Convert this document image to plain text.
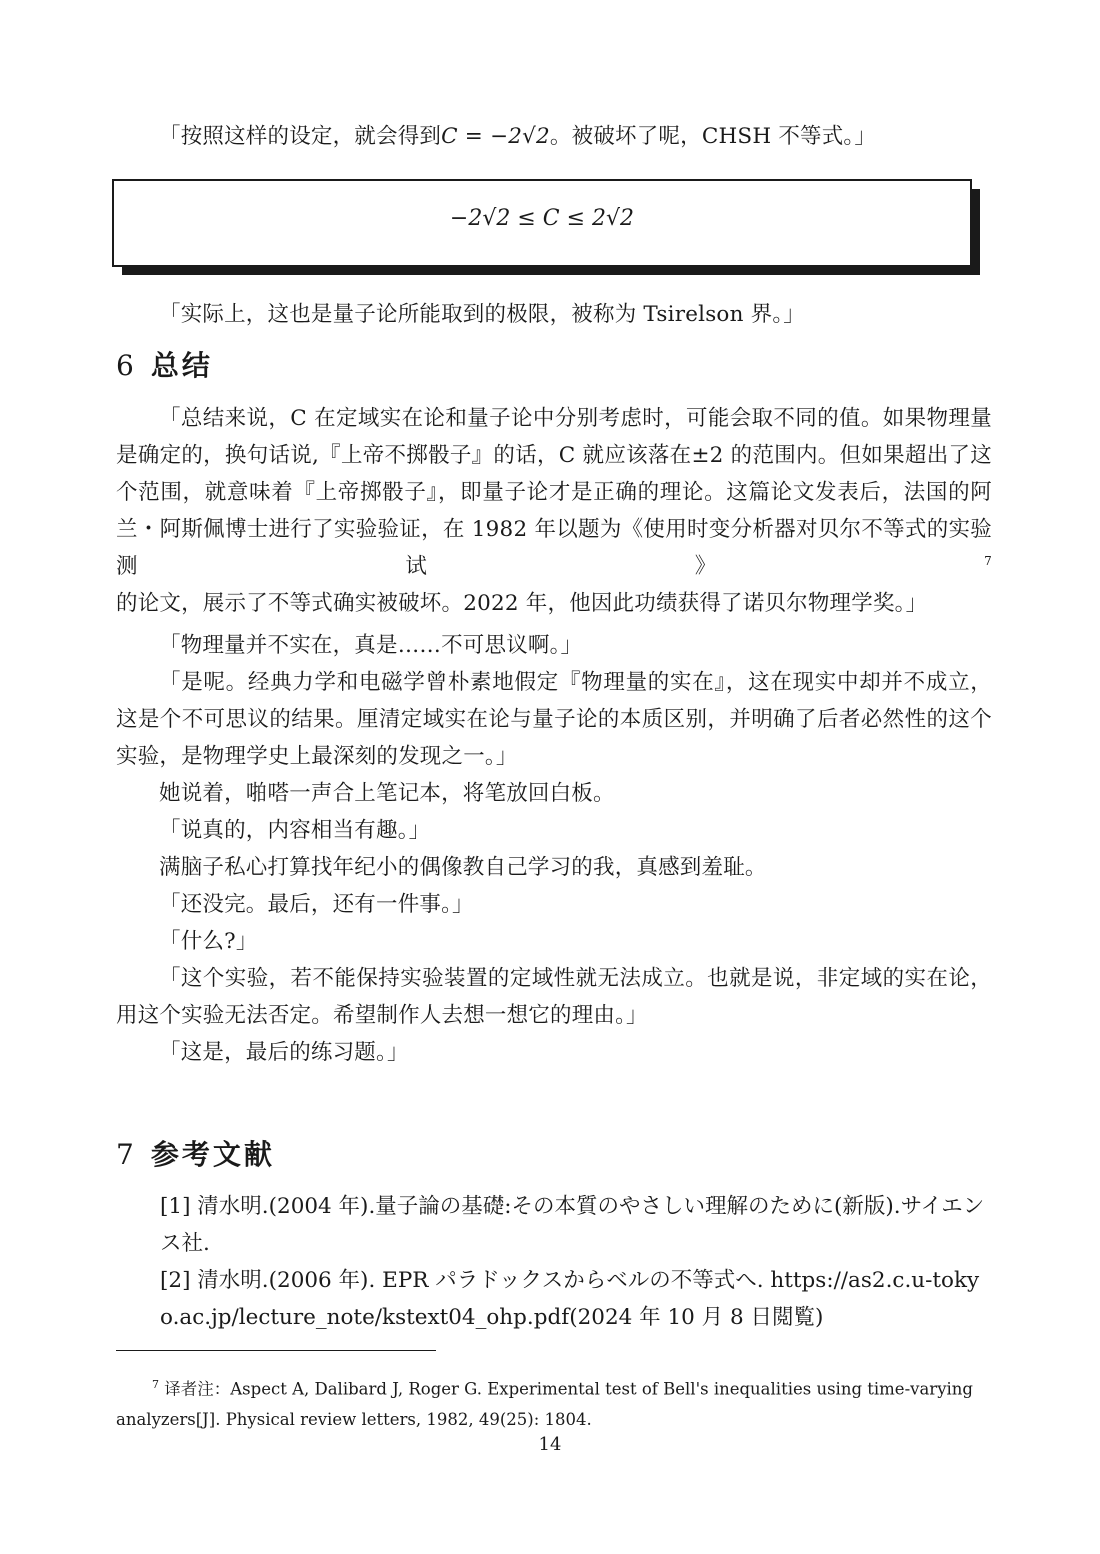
「按照这样的设定，就会得到C = −2√2。被破坏了呢，CHSH 不等式。」

−2√2 ≤ C ≤ 2√2

「实际上，这也是量子论所能取到的极限，被称为 Tsirelson 界。」

6 总结

「总结来说，C 在定域实在论和量子论中分别考虑时，可能会取不同的值。如果物理量是确定的，换句话说,『上帝不掷骰子』的话，C 就应该落在±2 的范围内。但如果超出了这个范围，就意味着『上帝掷骰子』，即量子论才是正确的理论。这篇论文发表后，法国的阿兰・阿斯佩博士进行了实验验证，在 1982 年以题为《使用时变分析器对贝尔不等式的实验测试》$^7$的论文，展示了不等式确实被破坏。2022 年，他因此功绩获得了诺贝尔物理学奖。」

「物理量并不实在，真是……不可思议啊。」

「是呢。经典力学和电磁学曾朴素地假定『物理量的实在』，这在现实中却并不成立，这是个不可思议的结果。厘清定域实在论与量子论的本质区别，并明确了后者必然性的这个实验，是物理学史上最深刻的发现之一。」

她说着，啪嗒一声合上笔记本，将笔放回白板。

「说真的，内容相当有趣。」

满脑子私心打算找年纪小的偶像教自己学习的我，真感到羞耻。

「还没完。最后，还有一件事。」

「什么?」

「这个实验，若不能保持实验装置的定域性就无法成立。也就是说，非定域的实在论，用这个实验无法否定。希望制作人去想一想它的理由。」

「这是，最后的练习题。」

7 参考文献

[1] 清水明.(2004 年).量子論の基礎:その本質のやさしい理解のために(新版).サイエンス社.

[2] 清水明.(2006 年). EPR パラドックスからベルの不等式へ. https://as2.c.u-tokyo.ac.jp/lecture_note/kstext04_ohp.pdf(2024 年 10 月 8 日閲覧)

$^7$ 译者注：Aspect A, Dalibard J, Roger G. Experimental test of Bell's inequalities using time-varying analyzers[J]. Physical review letters, 1982, 49(25): 1804.

14
